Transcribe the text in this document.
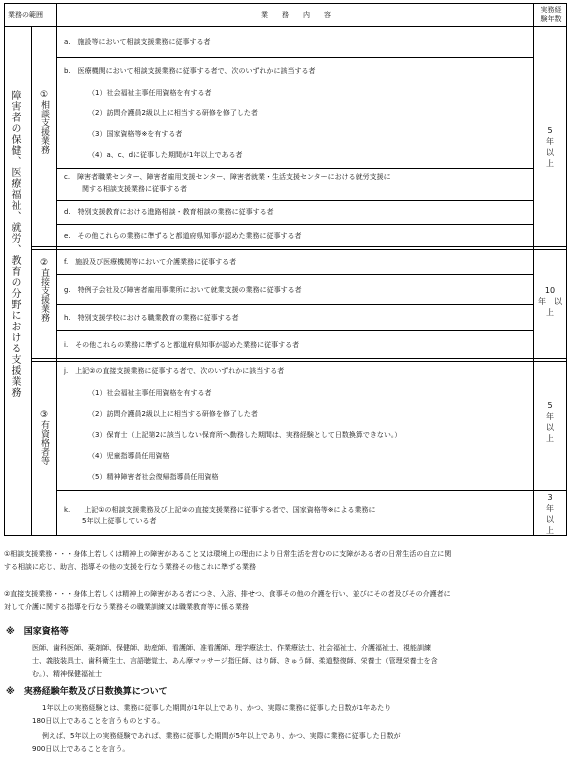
業務の範囲	業　　務　　内　　容
実務経
験年数
障害者の保健、医療福祉、就労、教育の分野における支援業務 ①相談支援業務
②直接支援業務
③有資格者等
a.　施設等において相談支援業務に従事する者
b.　医療機関において相談支援業務に従事する者で、次のいずれかに該当する者
（1）社会福祉主事任用資格を有する者
（2）訪問介護員2級以上に相当する研修を修了した者
（3）国家資格等※を有する者
（4）a、c、dに従事した期間が1年以上である者
c.　障害者職業センター、障害者雇用支援センター、障害者就業・生活支援センターにおける就労支援に
関する相談支援業務に従事する者
d.　特別支援教育における進路相談・教育相談の業務に従事する者
e.　その他これらの業務に準ずると都道府県知事が認めた業務に従事する者
f.　施設及び医療機関等において介護業務に従事する者
g.　特例子会社及び障害者雇用事業所において就業支援の業務に従事する者
h.　特別支援学校における職業教育の業務に従事する者
i.　その他これらの業務に準ずると都道府県知事が認めた業務に従事する者
j.　上記②の直接支援業務に従事する者で、次のいずれかに該当する者
（1）社会福祉主事任用資格を有する者
（2）訪問介護員2級以上に相当する研修を修了した者
（3）保育士（上記第2に該当しない保育所へ勤務した期間は、実務経験として日数換算できない。）
（4）児童指導員任用資格
（5）精神障害者社会復帰指導員任用資格
k.　　上記①の相談支援業務及び上記②の直接支援業務に従事する者で、国家資格等※による業務に
5年以上従事している者
5
年
以
上
10
年　以
上
5
年
以
上
3
年
以
上
①相談支援業務・・・身体上若しくは精神上の障害があること又は環境上の理由により日常生活を営むのに支障がある者の日常生活の自立に関
する相談に応じ、助言、指導その他の支援を行なう業務その他これに準ずる業務
②直接支援業務・・・身体上若しくは精神上の障害がある者につき、入浴、排せつ、食事その他の介護を行い、並びにその者及びその介護者に
対して介護に関する指導を行なう業務その職業訓練又は職業教育等に係る業務
※　国家資格等
医師、歯科医師、薬剤師、保健師、助産師、看護師、准看護師、理学療法士、作業療法士、社会福祉士、介護福祉士、視能訓練
士、義肢装具士、歯科衛生士、言語聴覚士、あん摩マッサージ指圧師、はり師、きゅう師、柔道整復師、栄養士（管理栄養士を含
む。）、精神保健福祉士
※　実務経験年数及び日数換算について
1年以上の実務経験とは、業務に従事した期間が1年以上であり、かつ、実際に業務に従事した日数が1年あたり
180日以上であることを言うものとする。
例えば、5年以上の実務経験であれば、業務に従事した期間が5年以上であり、かつ、実際に業務に従事した日数が
900日以上であることを言う。
